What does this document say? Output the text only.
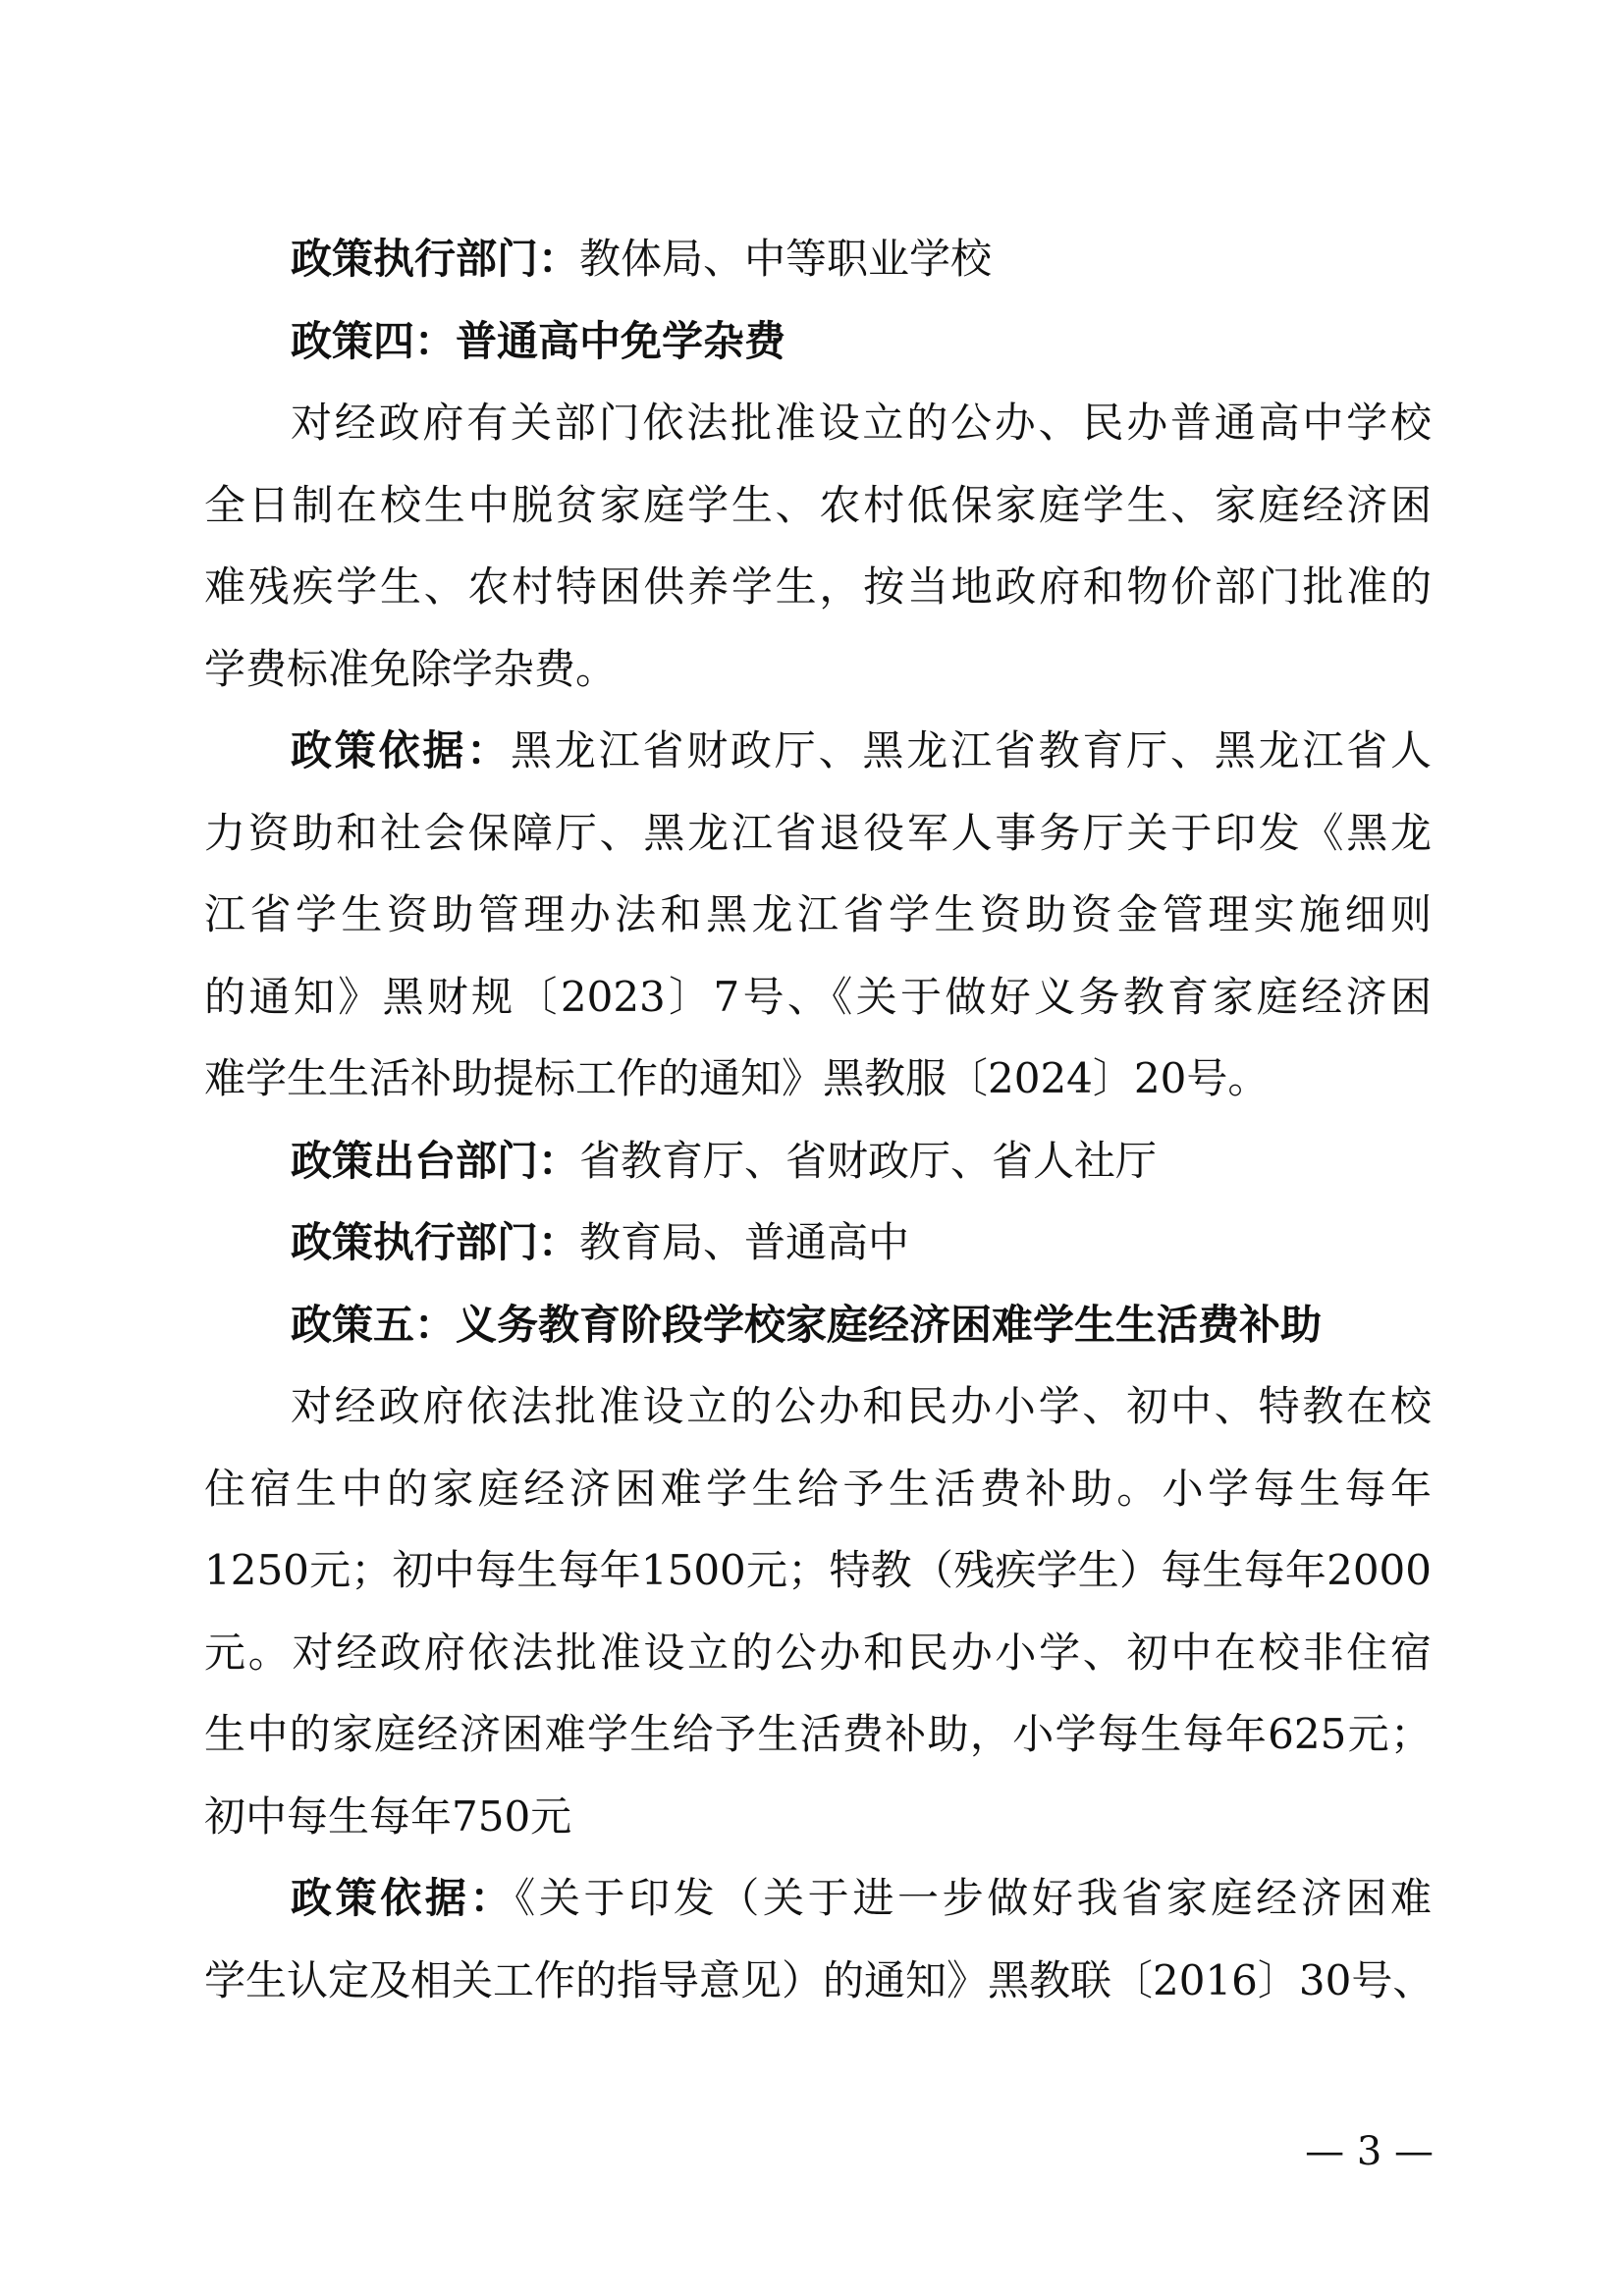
政策执行部门：教体局、中等职业学校
政策四：普通高中免学杂费
对经政府有关部门依法批准设立的公办、民办普通高中学校
全日制在校生中脱贫家庭学生、农村低保家庭学生、家庭经济困
难残疾学生、农村特困供养学生，按当地政府和物价部门批准的
学费标准免除学杂费。
政策依据：黑龙江省财政厅、黑龙江省教育厅、黑龙江省人
力资助和社会保障厅、黑龙江省退役军人事务厅关于印发《黑龙
江省学生资助管理办法和黑龙江省学生资助资金管理实施细则
的通知》黑财规〔2023〕7号、《关于做好义务教育家庭经济困
难学生生活补助提标工作的通知》黑教服〔2024〕20号。
政策出台部门：省教育厅、省财政厅、省人社厅
政策执行部门：教育局、普通高中
政策五：义务教育阶段学校家庭经济困难学生生活费补助
对经政府依法批准设立的公办和民办小学、初中、特教在校
住宿生中的家庭经济困难学生给予生活费补助。小学每生每年
1250元；初中每生每年1500元；特教（残疾学生）每生每年2000
元。对经政府依法批准设立的公办和民办小学、初中在校非住宿
生中的家庭经济困难学生给予生活费补助，小学每生每年625元；
初中每生每年750元
政策依据：《关于印发（关于进一步做好我省家庭经济困难
学生认定及相关工作的指导意见）的通知》黑教联〔2016〕30号、
— 3 —
